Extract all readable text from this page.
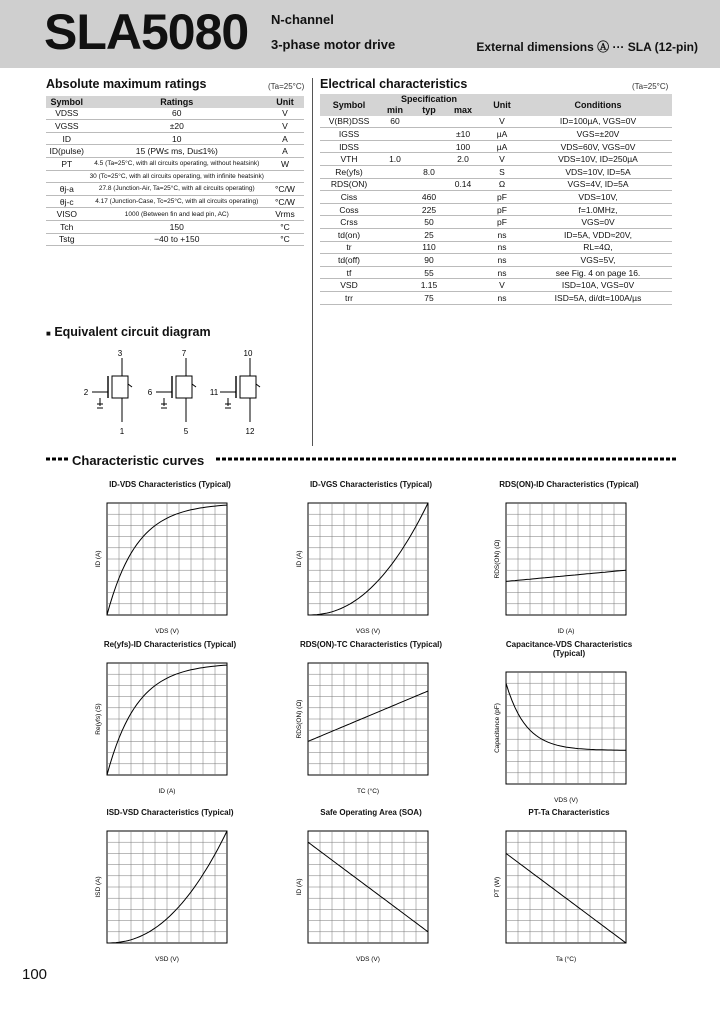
SLA5080 N-channel
3-phase motor drive	External dimensions Ⓐ ··· SLA (12-pin)
Absolute maximum ratings	(Ta=25°C)
Symbol	Ratings	Unit
VDSS	60	V
VGSS	±20	V
ID	10	A
ID(pulse)	15 (PW≤ ms, Du≤1%)	A
PT	4.5 (Ta=25°C, with all circuits operating, without heatsink)	W
	30 (Tc=25°C, with all circuits operating, with infinite heatsink)	
θj-a	27.8 (Junction-Air, Ta=25°C, with all circuits operating)	°C/W
θj-c	4.17 (Junction-Case, Tc=25°C, with all circuits operating)	°C/W
VISO	1000 (Between fin and lead pin, AC)	Vrms
Tch	150	°C
Tstg	−40 to +150	°C
Electrical characteristics	(Ta=25°C)
Symbol	Specification			Unit	Conditions
	min	typ	max		
V(BR)DSS	60			V	ID=100µA, VGS=0V
IGSS			±10	µA	VGS=±20V
IDSS			100	µA	VDS=60V, VGS=0V
VTH	1.0		2.0	V	VDS=10V, ID=250µA
Re(yfs)		8.0		S	VDS=10V, ID=5A
RDS(ON)			0.14	Ω	VGS=4V, ID=5A
Ciss		460		pF	VDS=10V,
Coss		225		pF	f=1.0MHz,
Crss		50		pF	VGS=0V
td(on)		25		ns	ID=5A, VDD≈20V,
tr		110		ns	RL=4Ω,
td(off)		90		ns	VGS=5V,
tf		55		ns	see Fig. 4 on page 16.
VSD		1.15		V	ISD=10A, VGS=0V
trr		75		ns	ISD=5A, di/dt=100A/µs
■ Equivalent circuit diagram
3
2
1
7
6
5
10
11
12
Characteristic curves
ID-VDS Characteristics (Typical)
VDS (V)
ID (A)
ID-VGS Characteristics (Typical)
VGS (V)
ID (A)
RDS(ON)-ID Characteristics (Typical)
ID (A)
RDS(ON) (Ω)
Re(yfs)-ID Characteristics (Typical)
ID (A)
Re(yfs) (S)
RDS(ON)-TC Characteristics (Typical)
TC (°C)
RDS(ON) (Ω)
Capacitance-VDS Characteristics (Typical)
VDS (V)
Capacitance (pF)
ISD-VSD Characteristics (Typical)
VSD (V)
ISD (A)
Safe Operating Area (SOA)
VDS (V)
ID (A)
PT-Ta Characteristics
Ta (°C)
PT (W)
100
